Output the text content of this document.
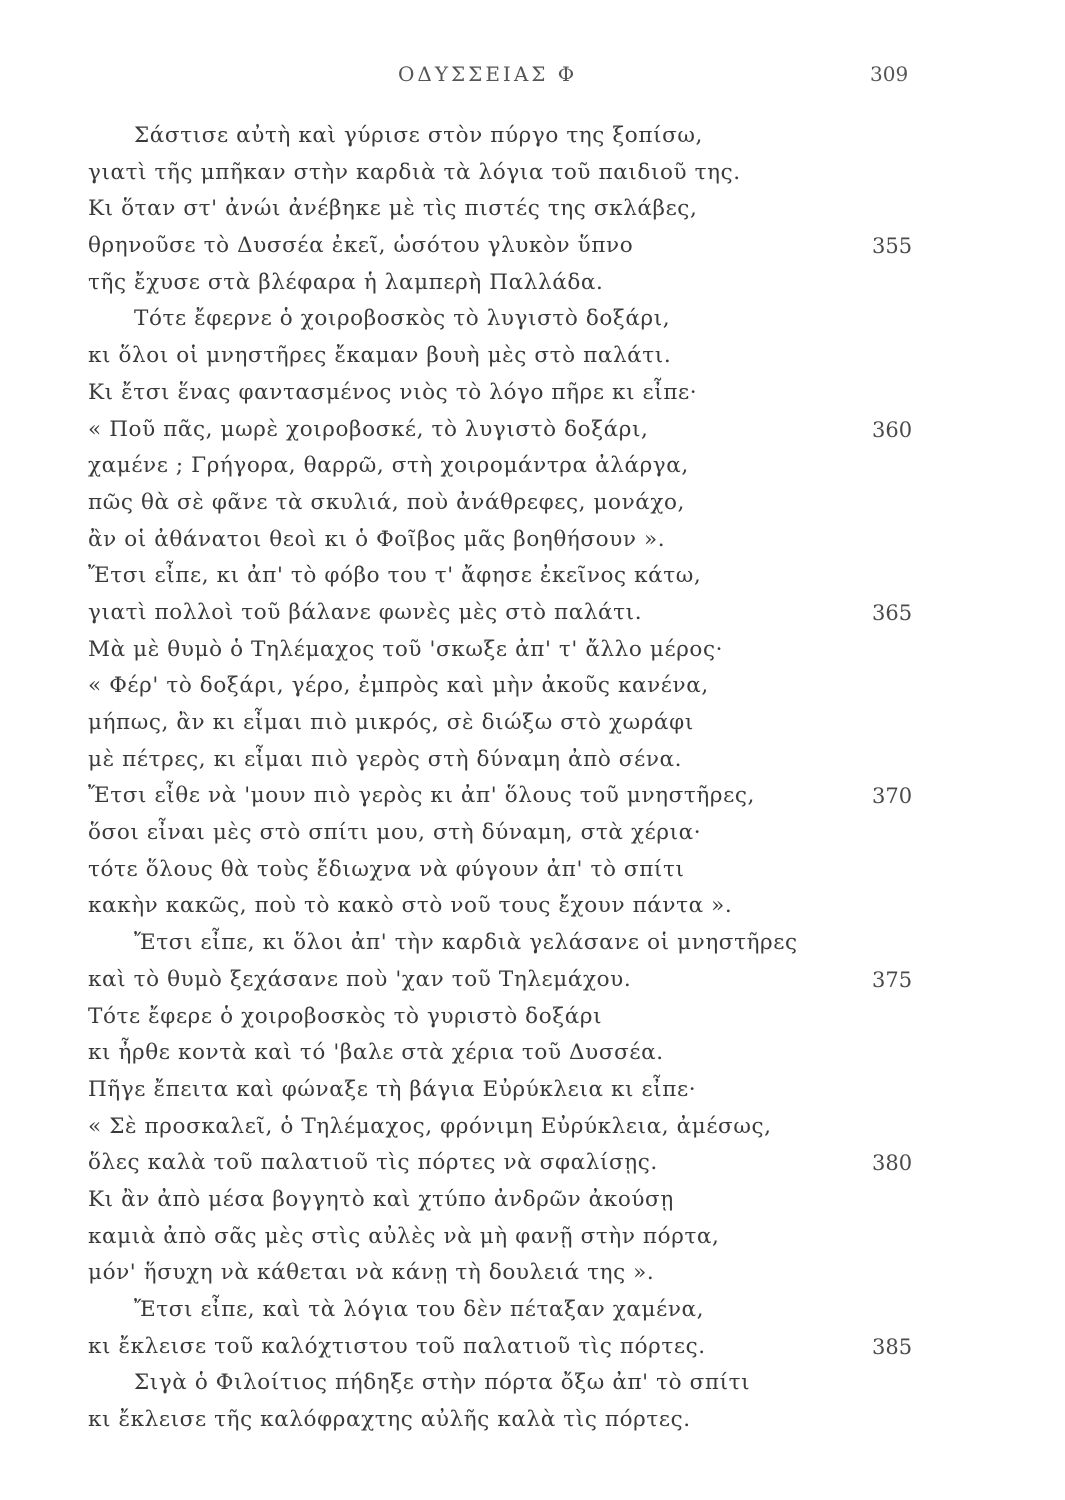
ΟΔΥΣΣΕΙΑΣ Φ	309
Σάστισε αὐτὴ καὶ γύρισε στὸν πύργο της ξοπίσω,
γιατὶ τῆς μπῆκαν στὴν καρδιὰ τὰ λόγια τοῦ παιδιοῦ της.
Κι ὅταν στ' ἀνώι ἀνέβηκε μὲ τὶς πιστές της σκλάβες,
θρηνοῦσε τὸ Δυσσέα ἐκεῖ, ὡσότου γλυκὸν ὕπνο	355
τῆς ἔχυσε στὰ βλέφαρα ἡ λαμπερὴ Παλλάδα.
Τότε ἔφερνε ὁ χοιροβοσκὸς τὸ λυγιστὸ δοξάρι,
κι ὅλοι οἱ μνηστῆρες ἔκαμαν βουὴ μὲς στὸ παλάτι.
Κι ἔτσι ἕνας φαντασμένος νιὸς τὸ λόγο πῆρε κι εἶπε·
« Ποῦ πᾶς, μωρὲ χοιροβοσκέ, τὸ λυγιστὸ δοξάρι,	360
χαμένε ; Γρήγορα, θαρρῶ, στὴ χοιρομάντρα ἀλάργα,
πῶς θὰ σὲ φᾶνε τὰ σκυλιά, ποὺ ἀνάθρεφες, μονάχο,
ἂν οἱ ἀθάνατοι θεοὶ κι ὁ Φοῖβος μᾶς βοηθήσουν ».
Ἔτσι εἶπε, κι ἀπ' τὸ φόβο του τ' ἄφησε ἐκεῖνος κάτω,
γιατὶ πολλοὶ τοῦ βάλανε φωνὲς μὲς στὸ παλάτι.	365
Μὰ μὲ θυμὸ ὁ Τηλέμαχος τοῦ 'σκωξε ἀπ' τ' ἄλλο μέρος·
« Φέρ' τὸ δοξάρι, γέρο, ἐμπρὸς καὶ μὴν ἀκοῦς κανένα,
μήπως, ἂν κι εἶμαι πιὸ μικρός, σὲ διώξω στὸ χωράφι
μὲ πέτρες, κι εἶμαι πιὸ γερὸς στὴ δύναμη ἀπὸ σένα.
Ἔτσι εἶθε νὰ 'μουν πιὸ γερὸς κι ἀπ' ὅλους τοῦ μνηστῆρες,	370
ὅσοι εἶναι μὲς στὸ σπίτι μου, στὴ δύναμη, στὰ χέρια·
τότε ὅλους θὰ τοὺς ἔδιωχνα νὰ φύγουν ἀπ' τὸ σπίτι
κακὴν κακῶς, ποὺ τὸ κακὸ στὸ νοῦ τους ἔχουν πάντα ».
Ἔτσι εἶπε, κι ὅλοι ἀπ' τὴν καρδιὰ γελάσανε οἱ μνηστῆρες
καὶ τὸ θυμὸ ξεχάσανε ποὺ 'χαν τοῦ Τηλεμάχου.	375
Τότε ἔφερε ὁ χοιροβοσκὸς τὸ γυριστὸ δοξάρι
κι ἦρθε κοντὰ καὶ τό 'βαλε στὰ χέρια τοῦ Δυσσέα.
Πῆγε ἔπειτα καὶ φώναξε τὴ βάγια Εὐρύκλεια κι εἶπε·
« Σὲ προσκαλεῖ, ὁ Τηλέμαχος, φρόνιμη Εὐρύκλεια, ἀμέσως,
ὅλες καλὰ τοῦ παλατιοῦ τὶς πόρτες νὰ σφαλίσῃς.	380
Κι ἂν ἀπὸ μέσα βογγητὸ καὶ χτύπο ἀνδρῶν ἀκούσῃ
καμιὰ ἀπὸ σᾶς μὲς στὶς αὐλὲς νὰ μὴ φανῇ στὴν πόρτα,
μόν' ἥσυχη νὰ κάθεται νὰ κάνῃ τὴ δουλειά της ».
Ἔτσι εἶπε, καὶ τὰ λόγια του δὲν πέταξαν χαμένα,
κι ἔκλεισε τοῦ καλόχτιστου τοῦ παλατιοῦ τὶς πόρτες.	385
Σιγὰ ὁ Φιλοίτιος πήδηξε στὴν πόρτα ὄξω ἀπ' τὸ σπίτι
κι ἔκλεισε τῆς καλόφραχτης αὐλῆς καλὰ τὶς πόρτες.
